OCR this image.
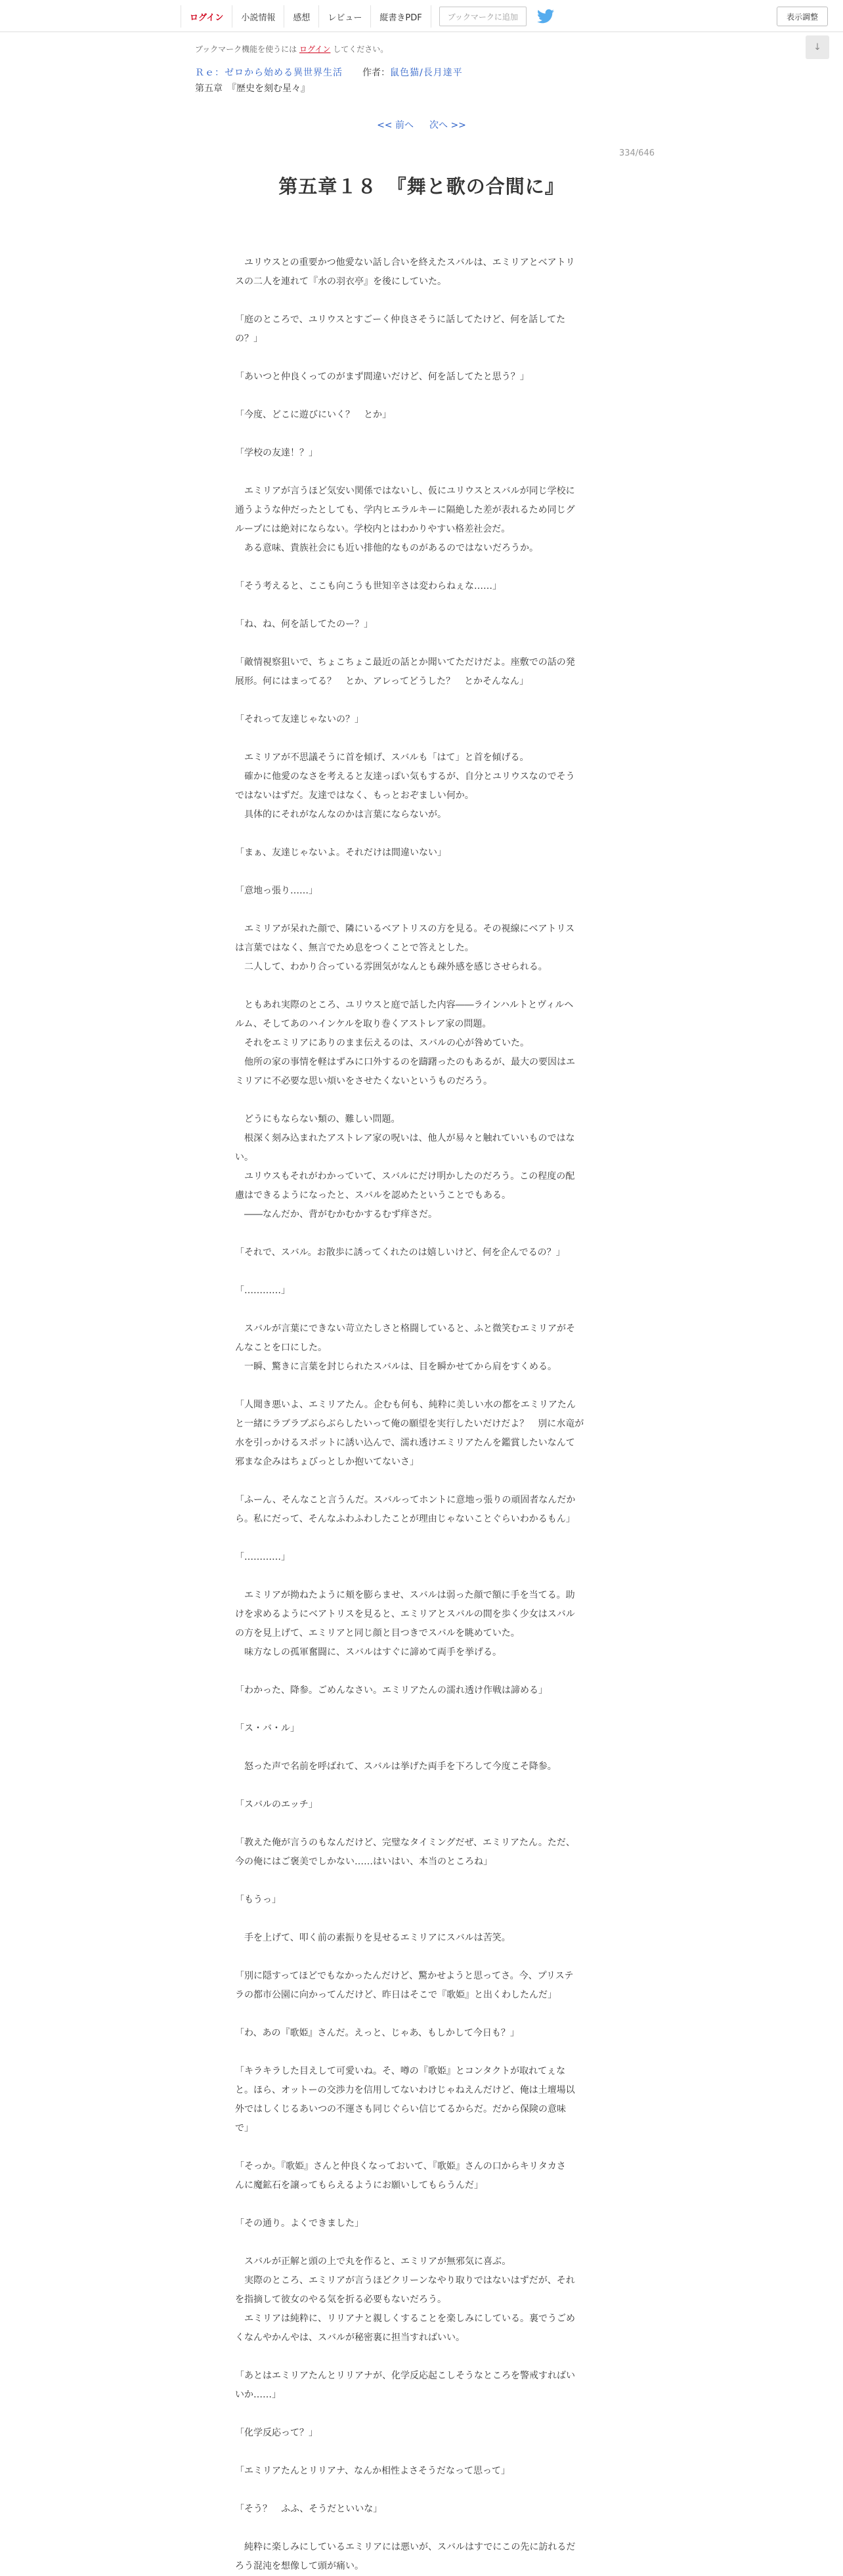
ログイン	小説情報	感想	レビュー	縦書きPDF	ブックマークに追加	表示調整
ブックマーク機能を使うには ログイン してください。	↓
Ｒｅ：ゼロから始める異世界生活 作者：鼠色猫/長月達平
第五章　『歴史を刻む星々』
<< 前へ 次へ >>
334/646
第五章１８　『舞と歌の合間に』

　ユリウスとの重要かつ他愛ない話し合いを終えたスバルは、エミリアとベアトリ

スの二人を連れて『水の羽衣亭』を後にしていた。

「庭のところで、ユリウスとすごーく仲良さそうに話してたけど、何を話してた

の？」

「あいつと仲良くってのがまず間違いだけど、何を話してたと思う？」

「今度、どこに遊びにいく？　とか」

「学校の友達！？」

　エミリアが言うほど気安い関係ではないし、仮にユリウスとスバルが同じ学校に

通うような仲だったとしても、学内ヒエラルキーに隔絶した差が表れるため同じグ

ループには絶対にならない。学校内とはわかりやすい格差社会だ。

　ある意味、貴族社会にも近い排他的なものがあるのではないだろうか。

「そう考えると、ここも向こうも世知辛さは変わらねぇな……」

「ね、ね、何を話してたのー？」

「敵情視察狙いで、ちょこちょこ最近の話とか聞いてただけだよ。座敷での話の発

展形。何にはまってる？　とか、アレってどうした？　とかそんなん」

「それって友達じゃないの？」

　エミリアが不思議そうに首を傾げ、スバルも「はて」と首を傾げる。

　確かに他愛のなさを考えると友達っぽい気もするが、自分とユリウスなのでそう

ではないはずだ。友達ではなく、もっとおぞましい何か。

　具体的にそれがなんなのかは言葉にならないが。

「まぁ、友達じゃないよ。それだけは間違いない」

「意地っ張り……」

　エミリアが呆れた顔で、隣にいるベアトリスの方を見る。その視線にベアトリス

は言葉ではなく、無言でため息をつくことで答えとした。

　二人して、わかり合っている雰囲気がなんとも疎外感を感じさせられる。

　ともあれ実際のところ、ユリウスと庭で話した内容――ラインハルトとヴィルヘ

ルム、そしてあのハインケルを取り巻くアストレア家の問題。

　それをエミリアにありのまま伝えるのは、スバルの心が咎めていた。

　他所の家の事情を軽はずみに口外するのを躊躇ったのもあるが、最大の要因はエ

ミリアに不必要な思い煩いをさせたくないというものだろう。

　どうにもならない類の、難しい問題。

　根深く刻み込まれたアストレア家の呪いは、他人が易々と触れていいものではな

い。

　ユリウスもそれがわかっていて、スバルにだけ明かしたのだろう。この程度の配

慮はできるようになったと、スバルを認めたということでもある。

　――なんだか、背がむかむかするむず痒さだ。

「それで、スバル。お散歩に誘ってくれたのは嬉しいけど、何を企んでるの？」

「…………」

　スバルが言葉にできない苛立たしさと格闘していると、ふと微笑むエミリアがそ

んなことを口にした。

　一瞬、驚きに言葉を封じられたスバルは、目を瞬かせてから肩をすくめる。

「人聞き悪いよ、エミリアたん。企むも何も、純粋に美しい水の都をエミリアたん

と一緒にラブラブぶらぶらしたいって俺の願望を実行したいだけだよ？　別に水竜が

水を引っかけるスポットに誘い込んで、濡れ透けエミリアたんを鑑賞したいなんて

邪まな企みはちょびっとしか抱いてないさ」

「ふーん、そんなこと言うんだ。スバルってホントに意地っ張りの頑固者なんだか

ら。私にだって、そんなふわふわしたことが理由じゃないことぐらいわかるもん」

「…………」

　エミリアが拗ねたように頬を膨らませ、スバルは弱った顔で額に手を当てる。助

けを求めるようにベアトリスを見ると、エミリアとスバルの間を歩く少女はスバル

の方を見上げて、エミリアと同じ顔と目つきでスバルを眺めていた。

　味方なしの孤軍奮闘に、スバルはすぐに諦めて両手を挙げる。

「わかった、降参。ごめんなさい。エミリアたんの濡れ透け作戦は諦める」

「ス・バ・ル」

　怒った声で名前を呼ばれて、スバルは挙げた両手を下ろして今度こそ降参。

「スバルのエッチ」

「教えた俺が言うのもなんだけど、完璧なタイミングだぜ、エミリアたん。ただ、

今の俺にはご褒美でしかない……はいはい、本当のところね」

「もうっ」

　手を上げて、叩く前の素振りを見せるエミリアにスバルは苦笑。

「別に隠すってほどでもなかったんだけど、驚かせようと思ってさ。今、プリステ

ラの都市公園に向かってんだけど、昨日はそこで『歌姫』と出くわしたんだ」

「わ、あの『歌姫』さんだ。えっと、じゃあ、もしかして今日も？」

「キラキラした目えして可愛いね。そ、噂の『歌姫』とコンタクトが取れてぇな

と。ほら、オットーの交渉力を信用してないわけじゃねえんだけど、俺は土壇場以

外ではしくじるあいつの不運さも同じぐらい信じてるからだ。だから保険の意味

で」

「そっか。『歌姫』さんと仲良くなっておいて、『歌姫』さんの口からキリタカさ

んに魔鉱石を譲ってもらえるようにお願いしてもらうんだ」

「その通り。よくできました」

　スバルが正解と頭の上で丸を作ると、エミリアが無邪気に喜ぶ。

　実際のところ、エミリアが言うほどクリーンなやり取りではないはずだが、それ

を指摘して彼女のやる気を折る必要もないだろう。

　エミリアは純粋に、リリアナと親しくすることを楽しみにしている。裏でうごめ

くなんやかんやは、スバルが秘密裏に担当すればいい。

「あとはエミリアたんとリリアナが、化学反応起こしそうなところを警戒すればい

いか……」

「化学反応って？」

「エミリアたんとリリアナ、なんか相性よさそうだなって思って」

「そう？　ふふ、そうだといいな」

　純粋に楽しみにしているエミリアには悪いが、スバルはすでにこの先に訪れるだ

ろう混沌を想像して頭が痛い。
